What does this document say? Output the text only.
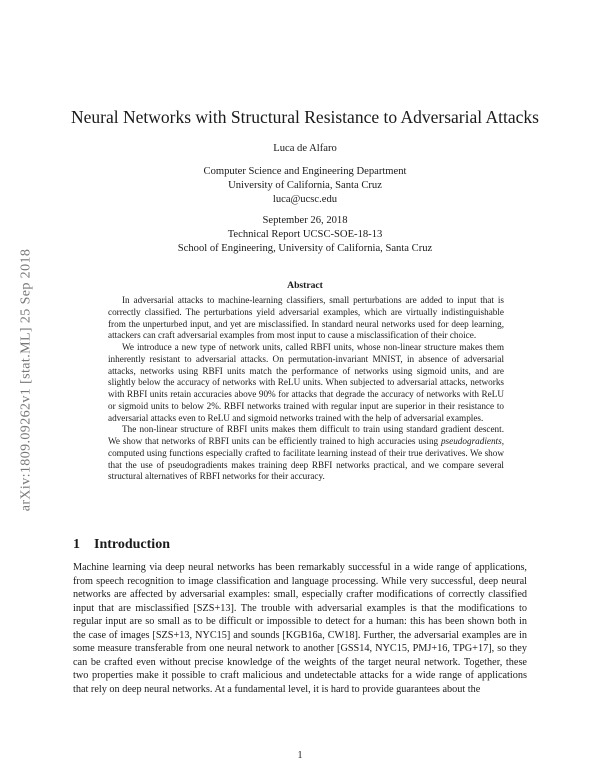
arXiv:1809.09262v1 [stat.ML] 25 Sep 2018
Neural Networks with Structural Resistance to Adversarial Attacks
Luca de Alfaro
Computer Science and Engineering Department
University of California, Santa Cruz
luca@ucsc.edu
September 26, 2018
Technical Report UCSC-SOE-18-13
School of Engineering, University of California, Santa Cruz
Abstract

In adversarial attacks to machine-learning classifiers, small perturbations are added to input that is correctly classified. The perturbations yield adversarial examples, which are virtually indistinguishable from the unperturbed input, and yet are misclassified. In standard neural networks used for deep learning, attackers can craft adversarial examples from most input to cause a misclassification of their choice.

We introduce a new type of network units, called RBFI units, whose non-linear structure makes them inherently resistant to adversarial attacks. On permutation-invariant MNIST, in absence of adversarial attacks, networks using RBFI units match the performance of networks using sigmoid units, and are slightly below the accuracy of networks with ReLU units. When subjected to adversarial attacks, networks with RBFI units retain accuracies above 90% for attacks that degrade the accuracy of networks with ReLU or sigmoid units to below 2%. RBFI networks trained with regular input are superior in their resistance to adversarial attacks even to ReLU and sigmoid networks trained with the help of adversarial examples.

The non-linear structure of RBFI units makes them difficult to train using standard gradient descent. We show that networks of RBFI units can be efficiently trained to high accuracies using pseudogradients, computed using functions especially crafted to facilitate learning instead of their true derivatives. We show that the use of pseudogradients makes training deep RBFI networks practical, and we compare several structural alternatives of RBFI networks for their accuracy.

1 Introduction

Machine learning via deep neural networks has been remarkably successful in a wide range of applications, from speech recognition to image classification and language processing. While very successful, deep neural networks are affected by adversarial examples: small, especially crafter modifications of correctly classified input that are misclassified [SZS+13]. The trouble with adversarial examples is that the modifications to regular input are so small as to be difficult or impossible to detect for a human: this has been shown both in the case of images [SZS+13, NYC15] and sounds [KGB16a, CW18]. Further, the adversarial examples are in some measure transferable from one neural network to another [GSS14, NYC15, PMJ+16, TPG+17], so they can be crafted even without precise knowledge of the weights of the target neural network. Together, these two properties make it possible to craft malicious and undetectable attacks for a wide range of applications that rely on deep neural networks. At a fundamental level, it is hard to provide guarantees about the

1
